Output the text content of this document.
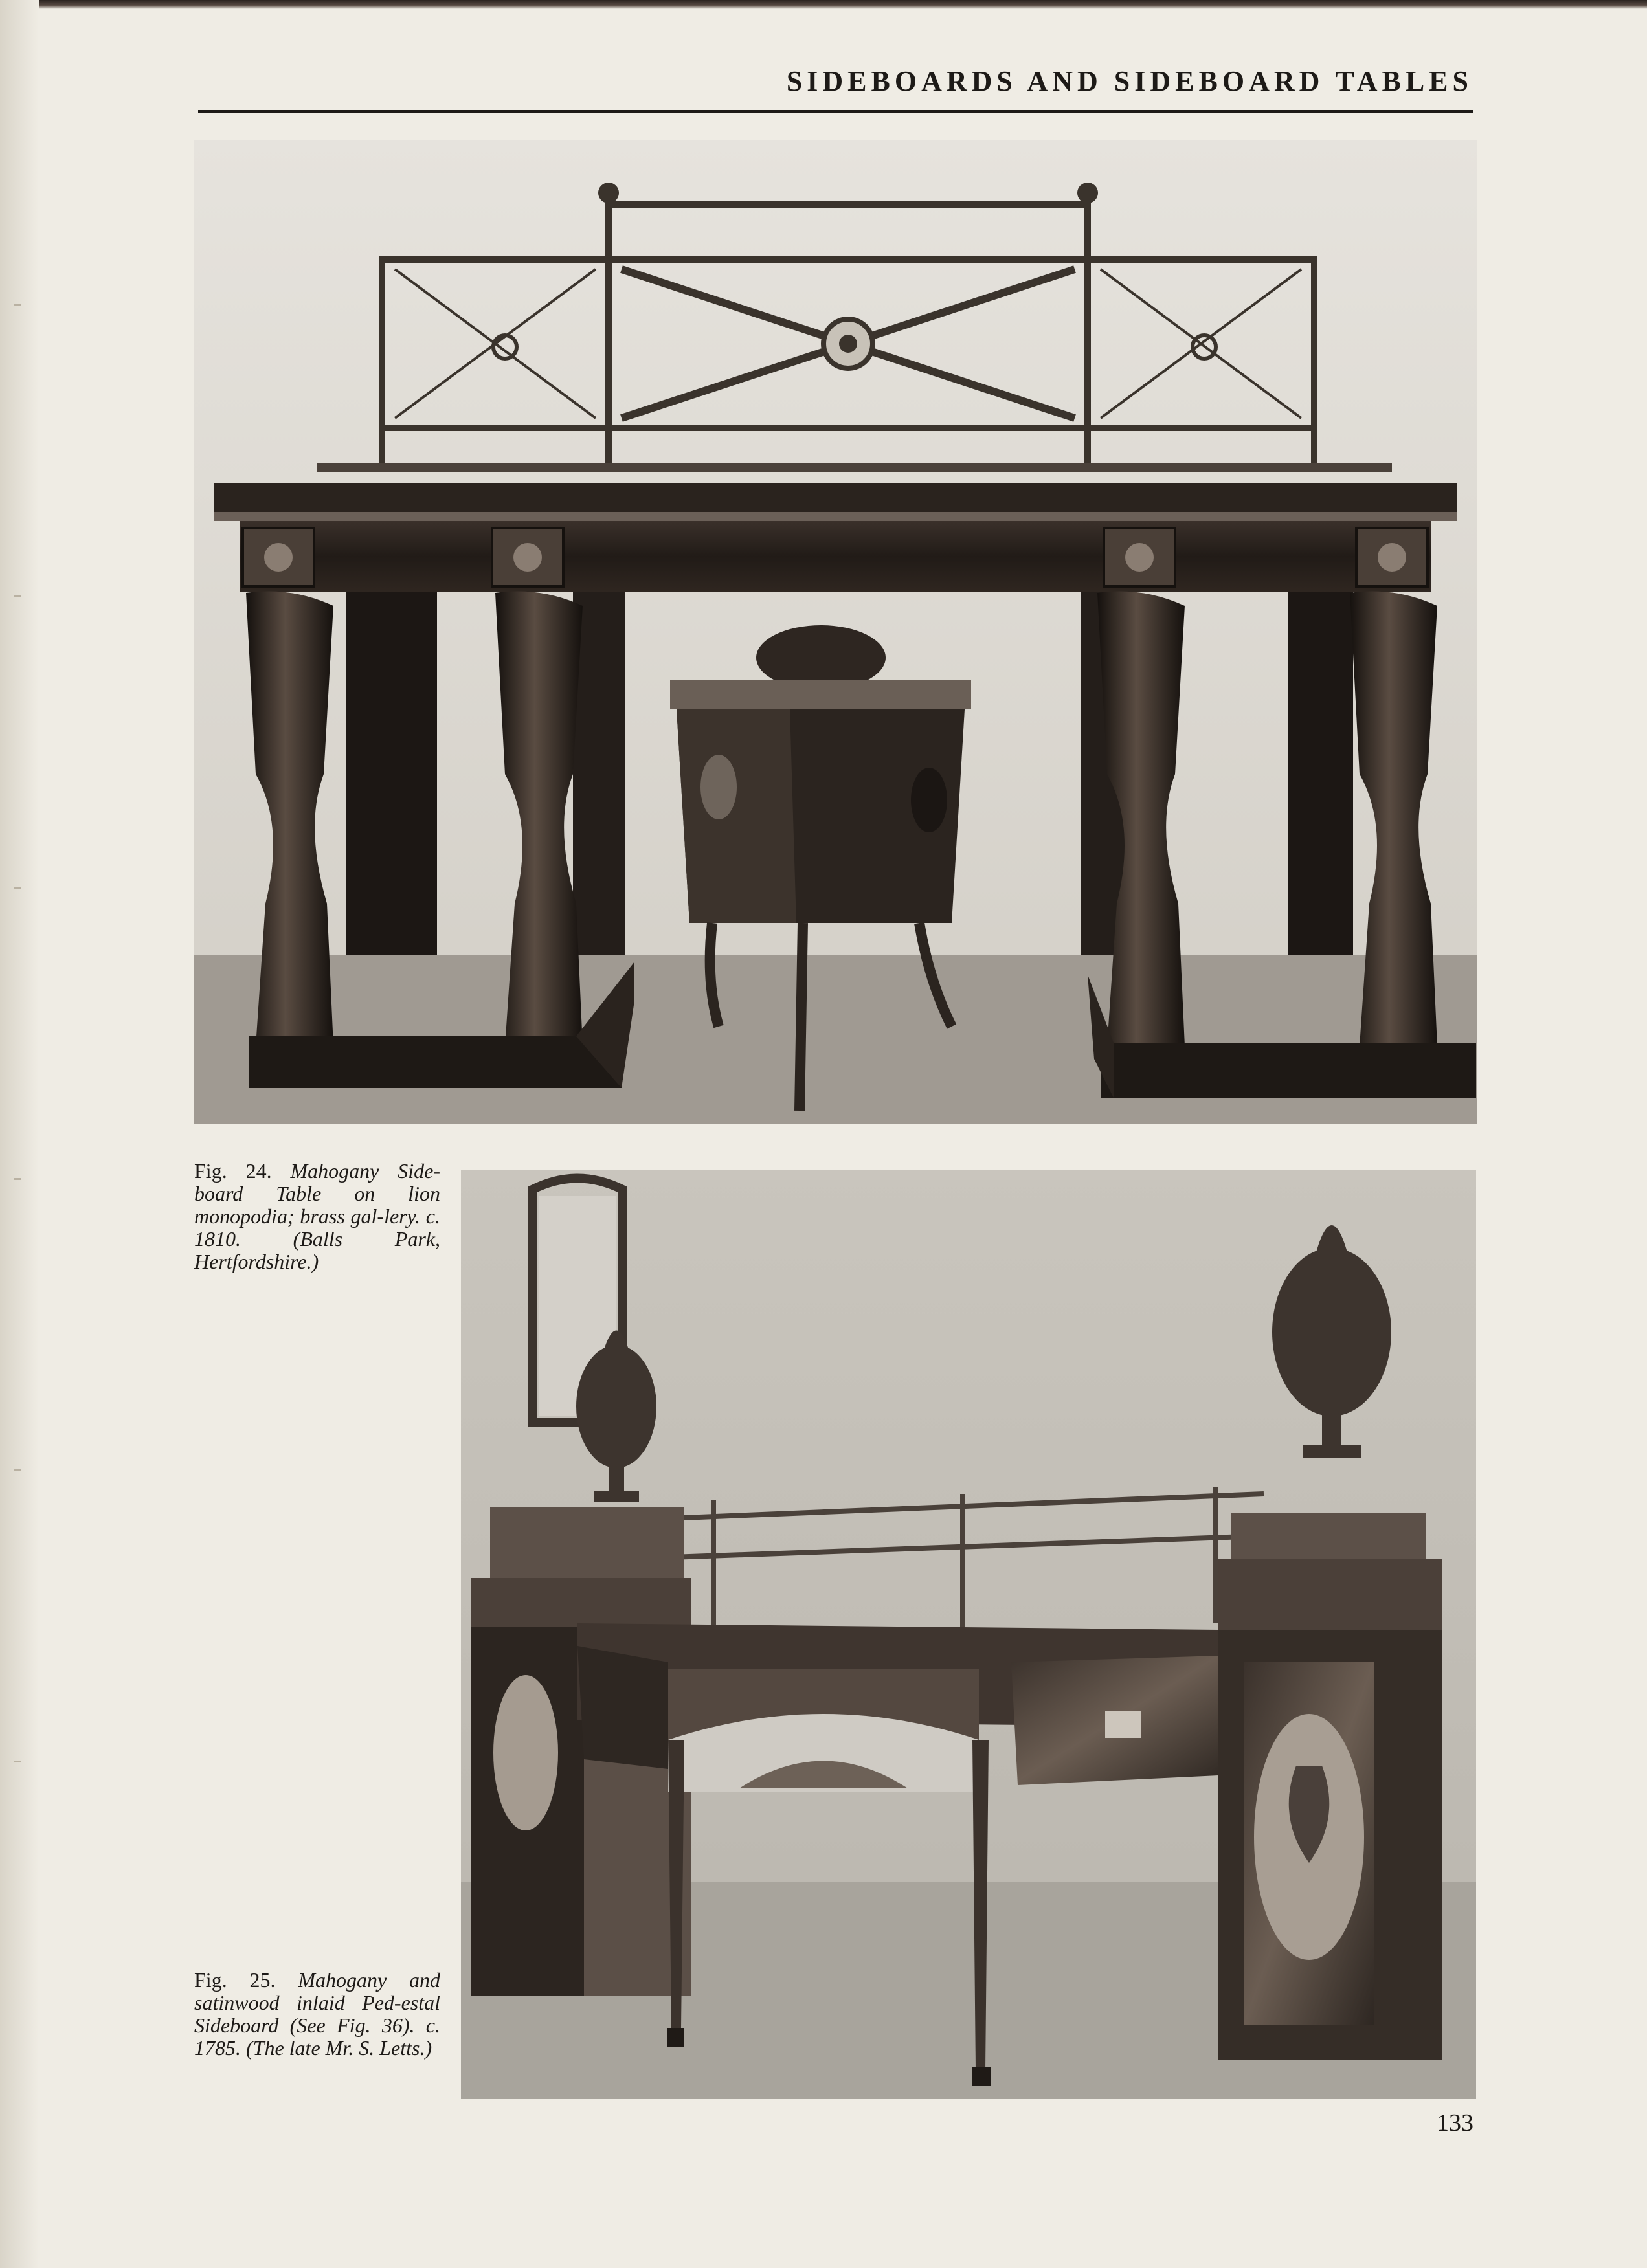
SIDEBOARDS AND SIDEBOARD TABLES
Fig. 24. Mahogany Side-board Table on lion monopodia; brass gal-lery. c. 1810. (Balls Park, Hertfordshire.)
Fig. 25. Mahogany and satinwood inlaid Ped-estal Sideboard (See Fig. 36). c. 1785. (The late Mr. S. Letts.)
133
